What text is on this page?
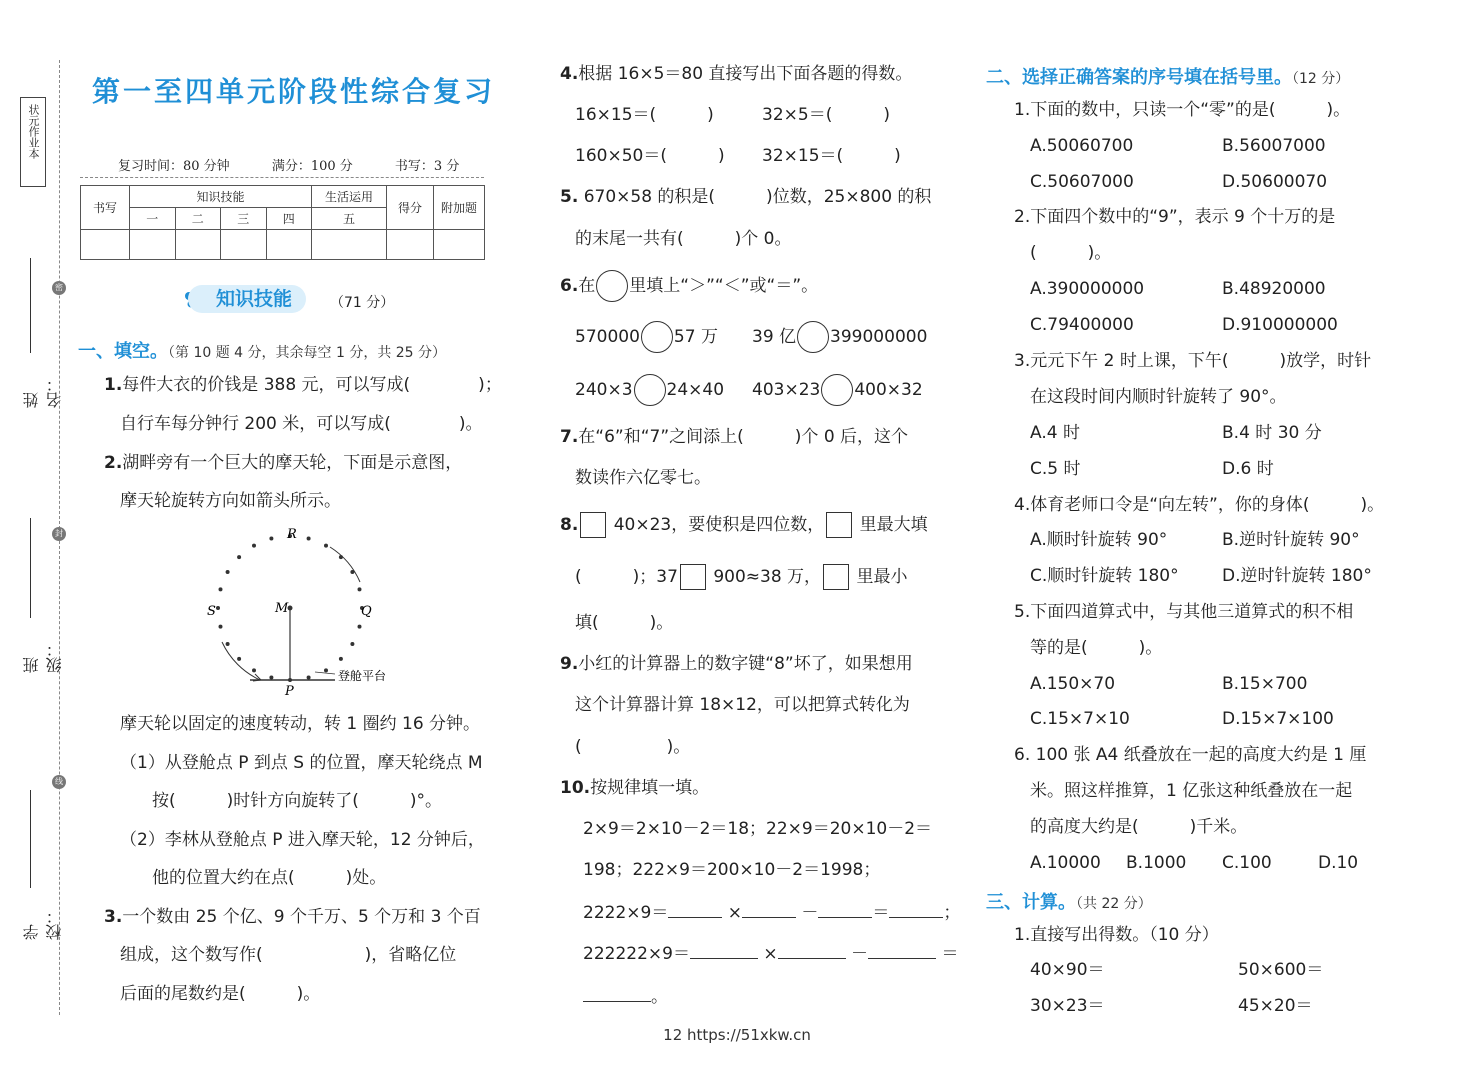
状元作业本
密
封
线
姓名：
班级：
学校：
第一至四单元阶段性综合复习
复习时间：80 分钟	满分：100 分	书写：3 分
书写	知识技能				生活运用	得分	附加题
	一	二	三	四	五		

知识技能	（71 分）
一、填空。（第 10 题 4 分，其余每空 1 分，共 25 分）
1.每件大衣的价钱是 388 元，可以写成(　　　　)；
自行车每分钟行 200 米，可以写成(　　　　)。
2.湖畔旁有一个巨大的摩天轮，下面是示意图，
摩天轮旋转方向如箭头所示。
R
S	M	Q
P
登舱平台
摩天轮以固定的速度转动，转 1 圈约 16 分钟。
（1）从登舱点 P 到点 S 的位置，摩天轮绕点 M
按(　　　)时针方向旋转了(　　　)°。
（2）李林从登舱点 P 进入摩天轮，12 分钟后，
他的位置大约在点(　　　)处。
3.一个数由 25 个亿、9 个千万、5 个万和 3 个百
组成，这个数写作(　　　　　　)，省略亿位
后面的尾数约是(　　　)。
4.根据 16×5＝80 直接写出下面各题的得数。
16×15＝(　　　)	32×5＝(　　　)
160×50＝(　　　) 32×15＝(　　　)
5. 670×58 的积是(　　　)位数，25×800 的积
的末尾一共有(　　　)个 0。
6.在 里填上“＞”“＜”或“＝”。
570000 57 万 39 亿 399000000
240×3 24×40 403×23 400×32
7.在“6”和“7”之间添上(　　　)个 0 后，这个
数读作六亿零七。
8. 40×23，要使积是四位数， 里最大填
(　　　)；37 900≈38 万， 里最小
填(　　　)。
9.小红的计算器上的数字键“8”坏了，如果想用
这个计算器计算 18×12，可以把算式转化为
(　　　　　)。
10.按规律填一填。
2×9＝2×10－2＝18；22×9＝20×10－2＝
198；222×9＝200×10－2＝1998；
2222×9＝	×	－	＝	；
222222×9＝	×	－	＝
。
二、选择正确答案的序号填在括号里。（12 分）
1.下面的数中，只读一个“零”的是(　　　)。
A.50060700	B.56007000
C.50607000	D.50600070
2.下面四个数中的“9”，表示 9 个十万的是
(　　　)。
A.390000000	B.48920000
C.79400000	D.910000000
3.元元下午 2 时上课，下午(　　　)放学，时针
在这段时间内顺时针旋转了 90°。
A.4 时	B.4 时 30 分
C.5 时	D.6 时
4.体育老师口令是“向左转”，你的身体(　　　)。
A.顺时针旋转 90°	B.逆时针旋转 90°
C.顺时针旋转 180°	D.逆时针旋转 180°
5.下面四道算式中，与其他三道算式的积不相
等的是(　　　)。
A.150×70	B.15×700
C.15×7×10	D.15×7×100
6. 100 张 A4 纸叠放在一起的高度大约是 1 厘
米。照这样推算，1 亿张这种纸叠放在一起
的高度大约是(　　　)千米。
A.10000 B.1000 C.100	D.10
三、计算。（共 22 分）
1.直接写出得数。（10 分）
40×90＝	50×600＝
30×23＝	45×20＝
12 https://51xkw.cn
